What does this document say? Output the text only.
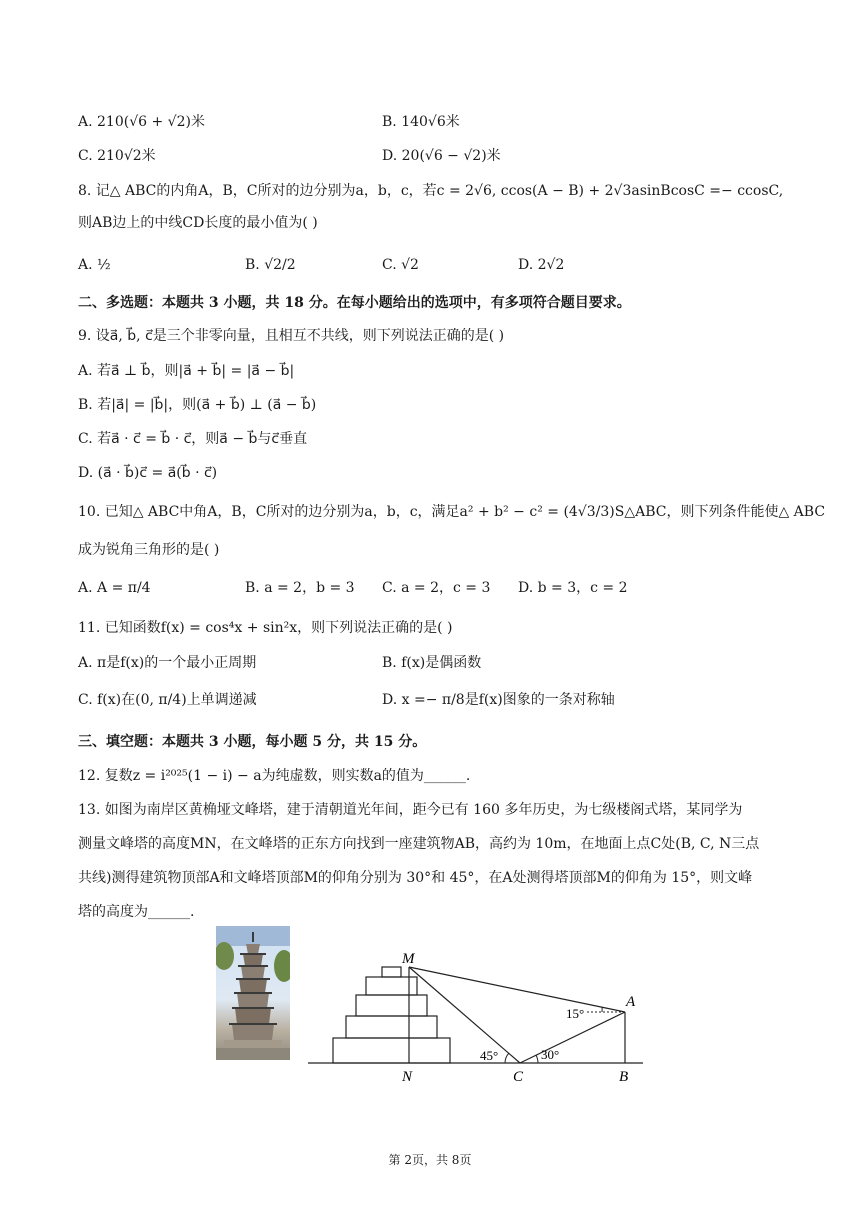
A. 210(√6 + √2)米	B. 140√6米
C. 210√2米	D. 20(√6 − √2)米
8. 记△ ABC的内角A，B，C所对的边分别为a，b，c，若c = 2√6, ccos(A − B) + 2√3asinBcosC =− ccosC,
则AB边上的中线CD长度的最小值为( )
A. ½	B. √2/2	C. √2	D. 2√2
二、多选题：本题共 3 小题，共 18 分。在每小题给出的选项中，有多项符合题目要求。
9. 设a⃗, b⃗, c⃗是三个非零向量，且相互不共线，则下列说法正确的是( )
A. 若a⃗ ⊥ b⃗，则|a⃗ + b⃗| = |a⃗ − b⃗|
B. 若|a⃗| = |b⃗|，则(a⃗ + b⃗) ⊥ (a⃗ − b⃗)
C. 若a⃗ · c⃗ = b⃗ · c⃗，则a⃗ − b⃗与c⃗垂直
D. (a⃗ · b⃗)c⃗ = a⃗(b⃗ · c⃗)
10. 已知△ ABC中角A，B，C所对的边分别为a，b，c，满足a² + b² − c² = (4√3/3)S△ABC，则下列条件能使△ ABC
成为锐角三角形的是( )
A. A = π/4	B. a = 2，b = 3 C. a = 2，c = 3 D. b = 3，c = 2
11. 已知函数f(x) = cos⁴x + sin²x，则下列说法正确的是( )
A. π是f(x)的一个最小正周期	B. f(x)是偶函数
C. f(x)在(0, π/4)上单调递减	D. x =− π/8是f(x)图象的一条对称轴
三、填空题：本题共 3 小题，每小题 5 分，共 15 分。
12. 复数z = i²⁰²⁵(1 − i) − a为纯虚数，则实数a的值为______.
13. 如图为南岸区黄桷垭文峰塔，建于清朝道光年间，距今已有 160 多年历史，为七级楼阁式塔，某同学为
测量文峰塔的高度MN，在文峰塔的正东方向找到一座建筑物AB，高约为 10m，在地面上点C处(B, C, N三点
共线)测得建筑物顶部A和文峰塔顶部M的仰角分别为 30°和 45°，在A处测得塔顶部M的仰角为 15°，则文峰
塔的高度为______.
M
A
N	C	B
15°
45°	30°
第 2页，共 8页
